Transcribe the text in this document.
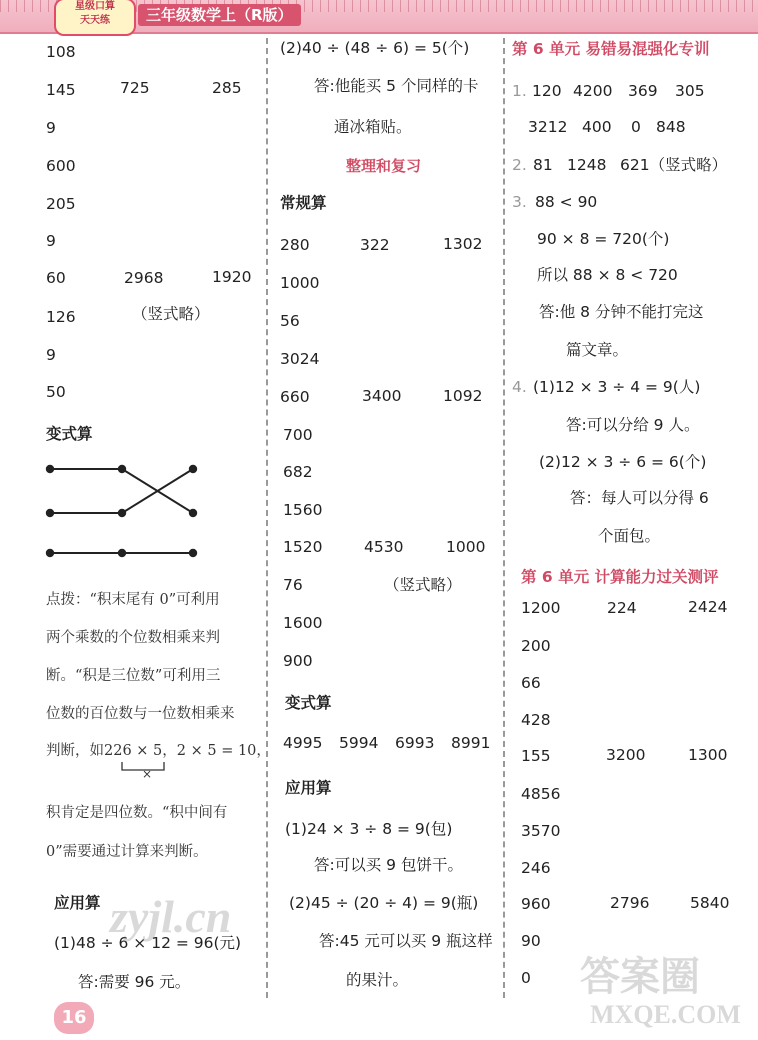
星级口算
天天练	三年级数学上（R版）
108
145	725	285
9
600
205
9
60	2968	1920
126	（竖式略）
9
50
变式算
点拨：“积末尾有 0”可利用
两个乘数的个位数相乘来判
断。“积是三位数”可利用三
位数的百位数与一位数相乘来
判断，如226 × 5，2 × 5 = 10，
积肯定是四位数。“积中间有
0”需要通过计算来判断。
×
应用算
(1)48 ÷ 6 × 12 = 96(元)
答:需要 96 元。
(2)40 ÷ (48 ÷ 6) = 5(个)
答:他能买 5 个同样的卡
通冰箱贴。
整理和复习
常规算
280	322	1302
1000
56
3024
660	3400	1092
700
682
1560
1520	4530	1000
76	（竖式略）
1600
900
变式算
4995 5994 6993 8991
应用算
(1)24 × 3 ÷ 8 = 9(包)
答:可以买 9 包饼干。
(2)45 ÷ (20 ÷ 4) = 9(瓶)
答:45 元可以买 9 瓶这样
的果汁。
第 6 单元 易错易混强化专训
1. 120 4200 369 305
3212 400 0 848
2. 81 1248 621（竖式略）
3. 88 < 90
90 × 8 = 720(个)
所以 88 × 8 < 720
答:他 8 分钟不能打完这
篇文章。
4. (1)12 × 3 ÷ 4 = 9(人)
答:可以分给 9 人。
(2)12 × 3 ÷ 6 = 6(个)
答：每人可以分得 6
个面包。
第 6 单元 计算能力过关测评
1200	224	2424
200
66
428
155	3200	1300
4856
3570
246
960	2796	5840
90
0
16
zyjl.cn
答案圈
MXQE.COM
